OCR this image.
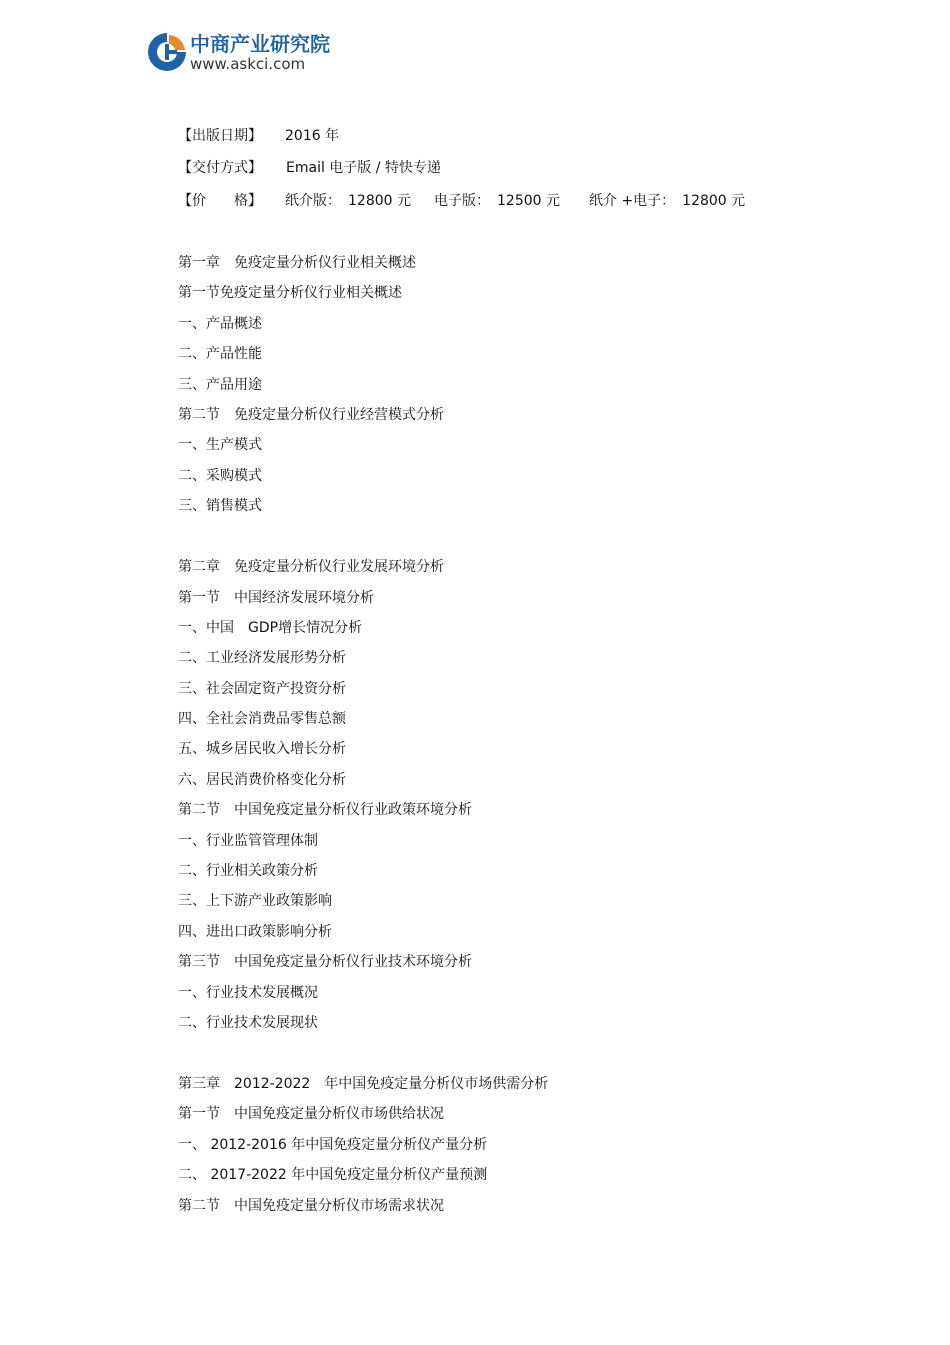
中商产业研究院
www.askci.com
【出版日期】 2016 年
【交付方式】 Email 电子版 / 特快专递
【价　　格】 纸介版：　12800 元 电子版：　12500 元 纸介 +电子：　12800 元
第一章　免疫定量分析仪行业相关概述
第一节免疫定量分析仪行业相关概述
一、产品概述
二、产品性能
三、产品用途
第二节　免疫定量分析仪行业经营模式分析
一、生产模式
二、采购模式
三、销售模式
第二章　免疫定量分析仪行业发展环境分析
第一节　中国经济发展环境分析
一、中国　GDP增长情况分析
二、工业经济发展形势分析
三、社会固定资产投资分析
四、全社会消费品零售总额
五、城乡居民收入增长分析
六、居民消费价格变化分析
第二节　中国免疫定量分析仪行业政策环境分析
一、行业监管管理体制
二、行业相关政策分析
三、上下游产业政策影响
四、进出口政策影响分析
第三节　中国免疫定量分析仪行业技术环境分析
一、行业技术发展概况
二、行业技术发展现状
第三章　2012-2022　年中国免疫定量分析仪市场供需分析
第一节　中国免疫定量分析仪市场供给状况
一、 2012-2016 年中国免疫定量分析仪产量分析
二、 2017-2022 年中国免疫定量分析仪产量预测
第二节　中国免疫定量分析仪市场需求状况
